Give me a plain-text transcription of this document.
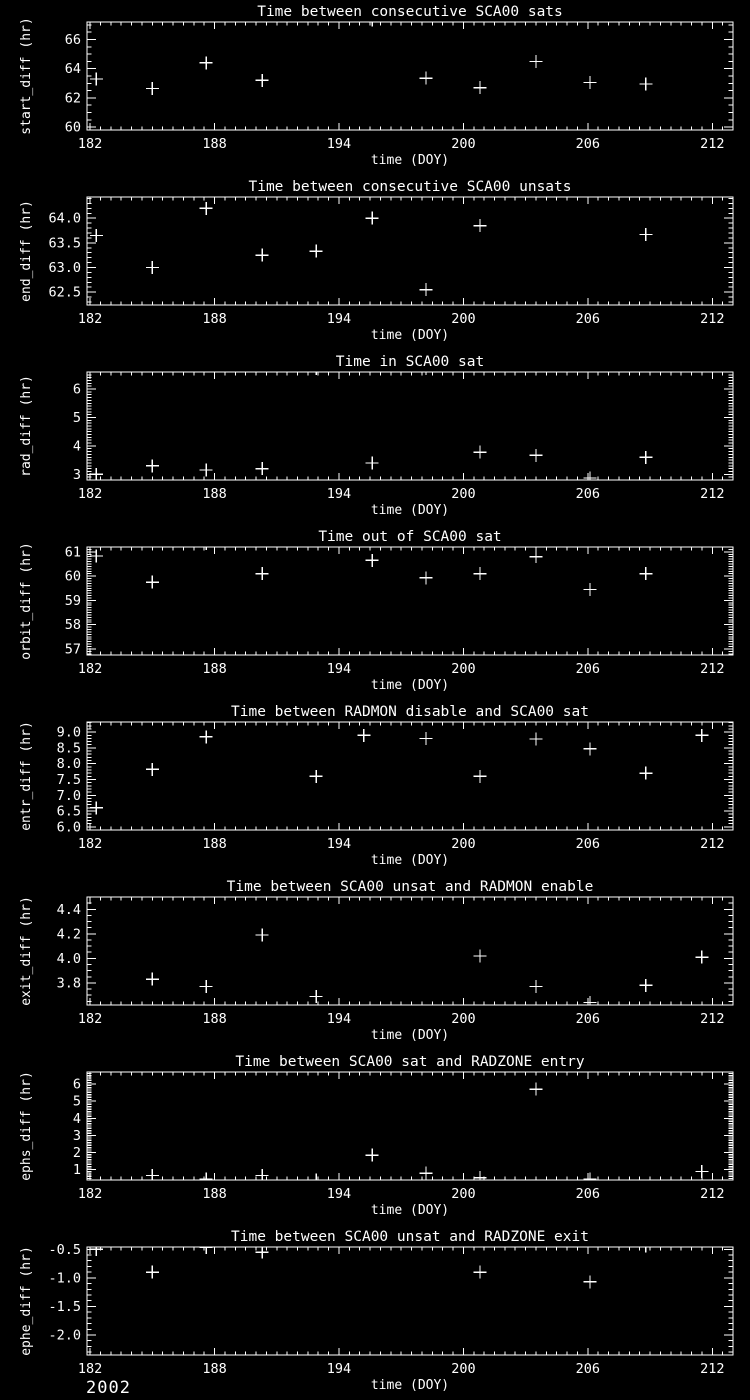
Time between consecutive SCA00 sats
182	188	194	200	206	212
60
62
64
66
time (DOY)
start_diff (hr)
Time between consecutive SCA00 unsats
182	188	194	200	206	212
62.5
63.0
63.5
64.0
time (DOY)
end_diff (hr)
Time in SCA00 sat
182	188	194	200	206	212
3
4
5
6
time (DOY)
rad_diff (hr)
Time out of SCA00 sat
182	188	194	200	206	212
57
58
59
60
61
time (DOY)
orbit_diff (hr)
Time between RADMON disable and SCA00 sat
182	188	194	200	206	212
6.0
6.5
7.0
7.5
8.0
8.5
9.0
time (DOY)
entr_diff (hr)
Time between SCA00 unsat and RADMON enable
182	188	194	200	206	212
3.8
4.0
4.2
4.4
time (DOY)
exit_diff (hr)
Time between SCA00 sat and RADZONE entry
182	188	194	200	206	212
1
2
3
4
5
6
time (DOY)
ephs_diff (hr)
Time between SCA00 unsat and RADZONE exit
182	188	194	200	206	212
-2.0
-1.5
-1.0
-0.5
time (DOY)
ephe_diff (hr)
2002
